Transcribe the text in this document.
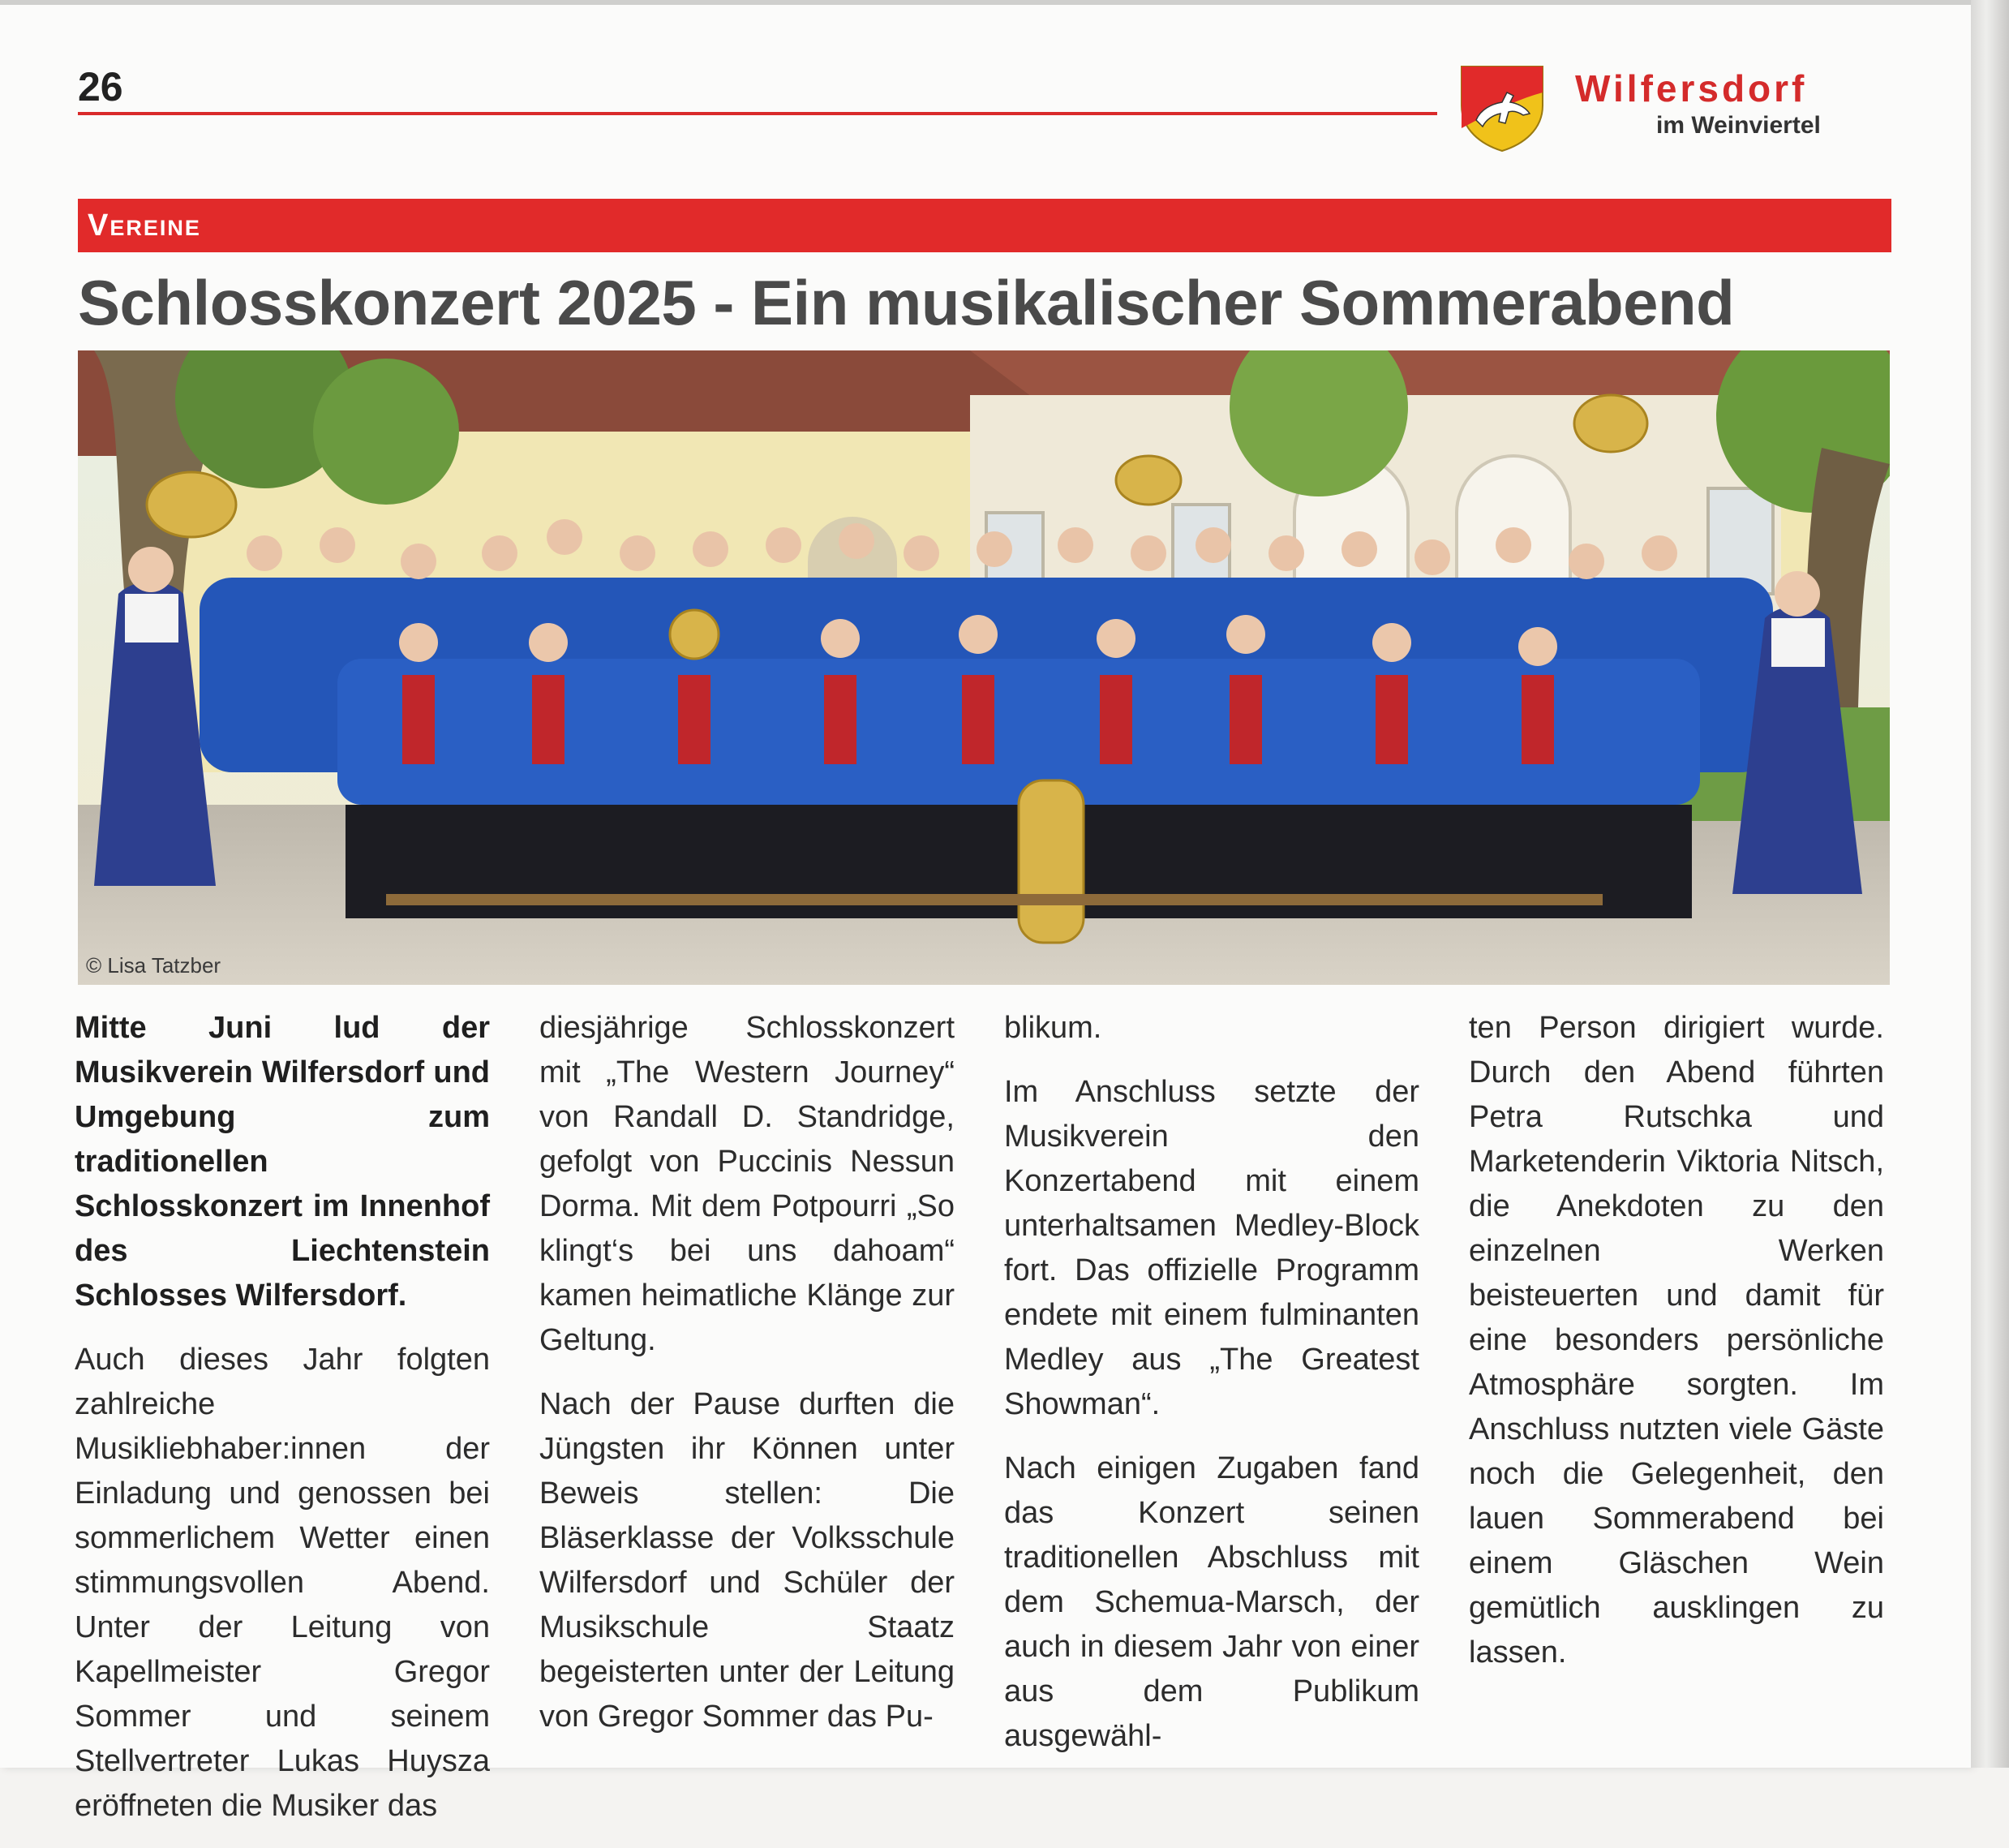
26	Wilfersdorf
im Weinviertel
Vereine
Schlosskonzert 2025 - Ein musikalischer Sommerabend
© Lisa Tatzber

Mitte Juni lud der Musikverein Wilfersdorf und Umgebung zum traditionellen Schlosskonzert im Innenhof des Liechtenstein Schlosses Wilfersdorf.

Auch dieses Jahr folgten zahlreiche Musikliebhaber:innen der Einladung und genossen bei sommerlichem Wetter einen stimmungsvollen Abend. Unter der Leitung von Kapellmeister Gregor Sommer und seinem Stellvertreter Lukas Huysza eröffneten die Musiker das

diesjährige Schlosskonzert mit „The Western Journey“ von Randall D. Standridge, gefolgt von Puccinis Nessun Dorma. Mit dem Potpourri „So klingt‘s bei uns dahoam“ kamen heimatliche Klänge zur Geltung.

Nach der Pause durften die Jüngsten ihr Können unter Beweis stellen: Die Bläserklasse der Volksschule Wilfersdorf und Schüler der Musikschule Staatz begeisterten unter der Leitung von Gregor Sommer das Pu-

blikum.

Im Anschluss setzte der Musikverein den Konzertabend mit einem unterhaltsamen Medley-Block fort. Das offizielle Programm endete mit einem fulminanten Medley aus „The Greatest Showman“.

Nach einigen Zugaben fand das Konzert seinen traditionellen Abschluss mit dem Schemua-Marsch, der auch in diesem Jahr von einer aus dem Publikum ausgewähl-

ten Person dirigiert wurde. Durch den Abend führten Petra Rutschka und Marketenderin Viktoria Nitsch, die Anekdoten zu den einzelnen Werken beisteuerten und damit für eine besonders persönliche Atmosphäre sorgten. Im Anschluss nutzten viele Gäste noch die Gelegenheit, den lauen Sommerabend bei einem Gläschen Wein gemütlich ausklingen zu lassen.
